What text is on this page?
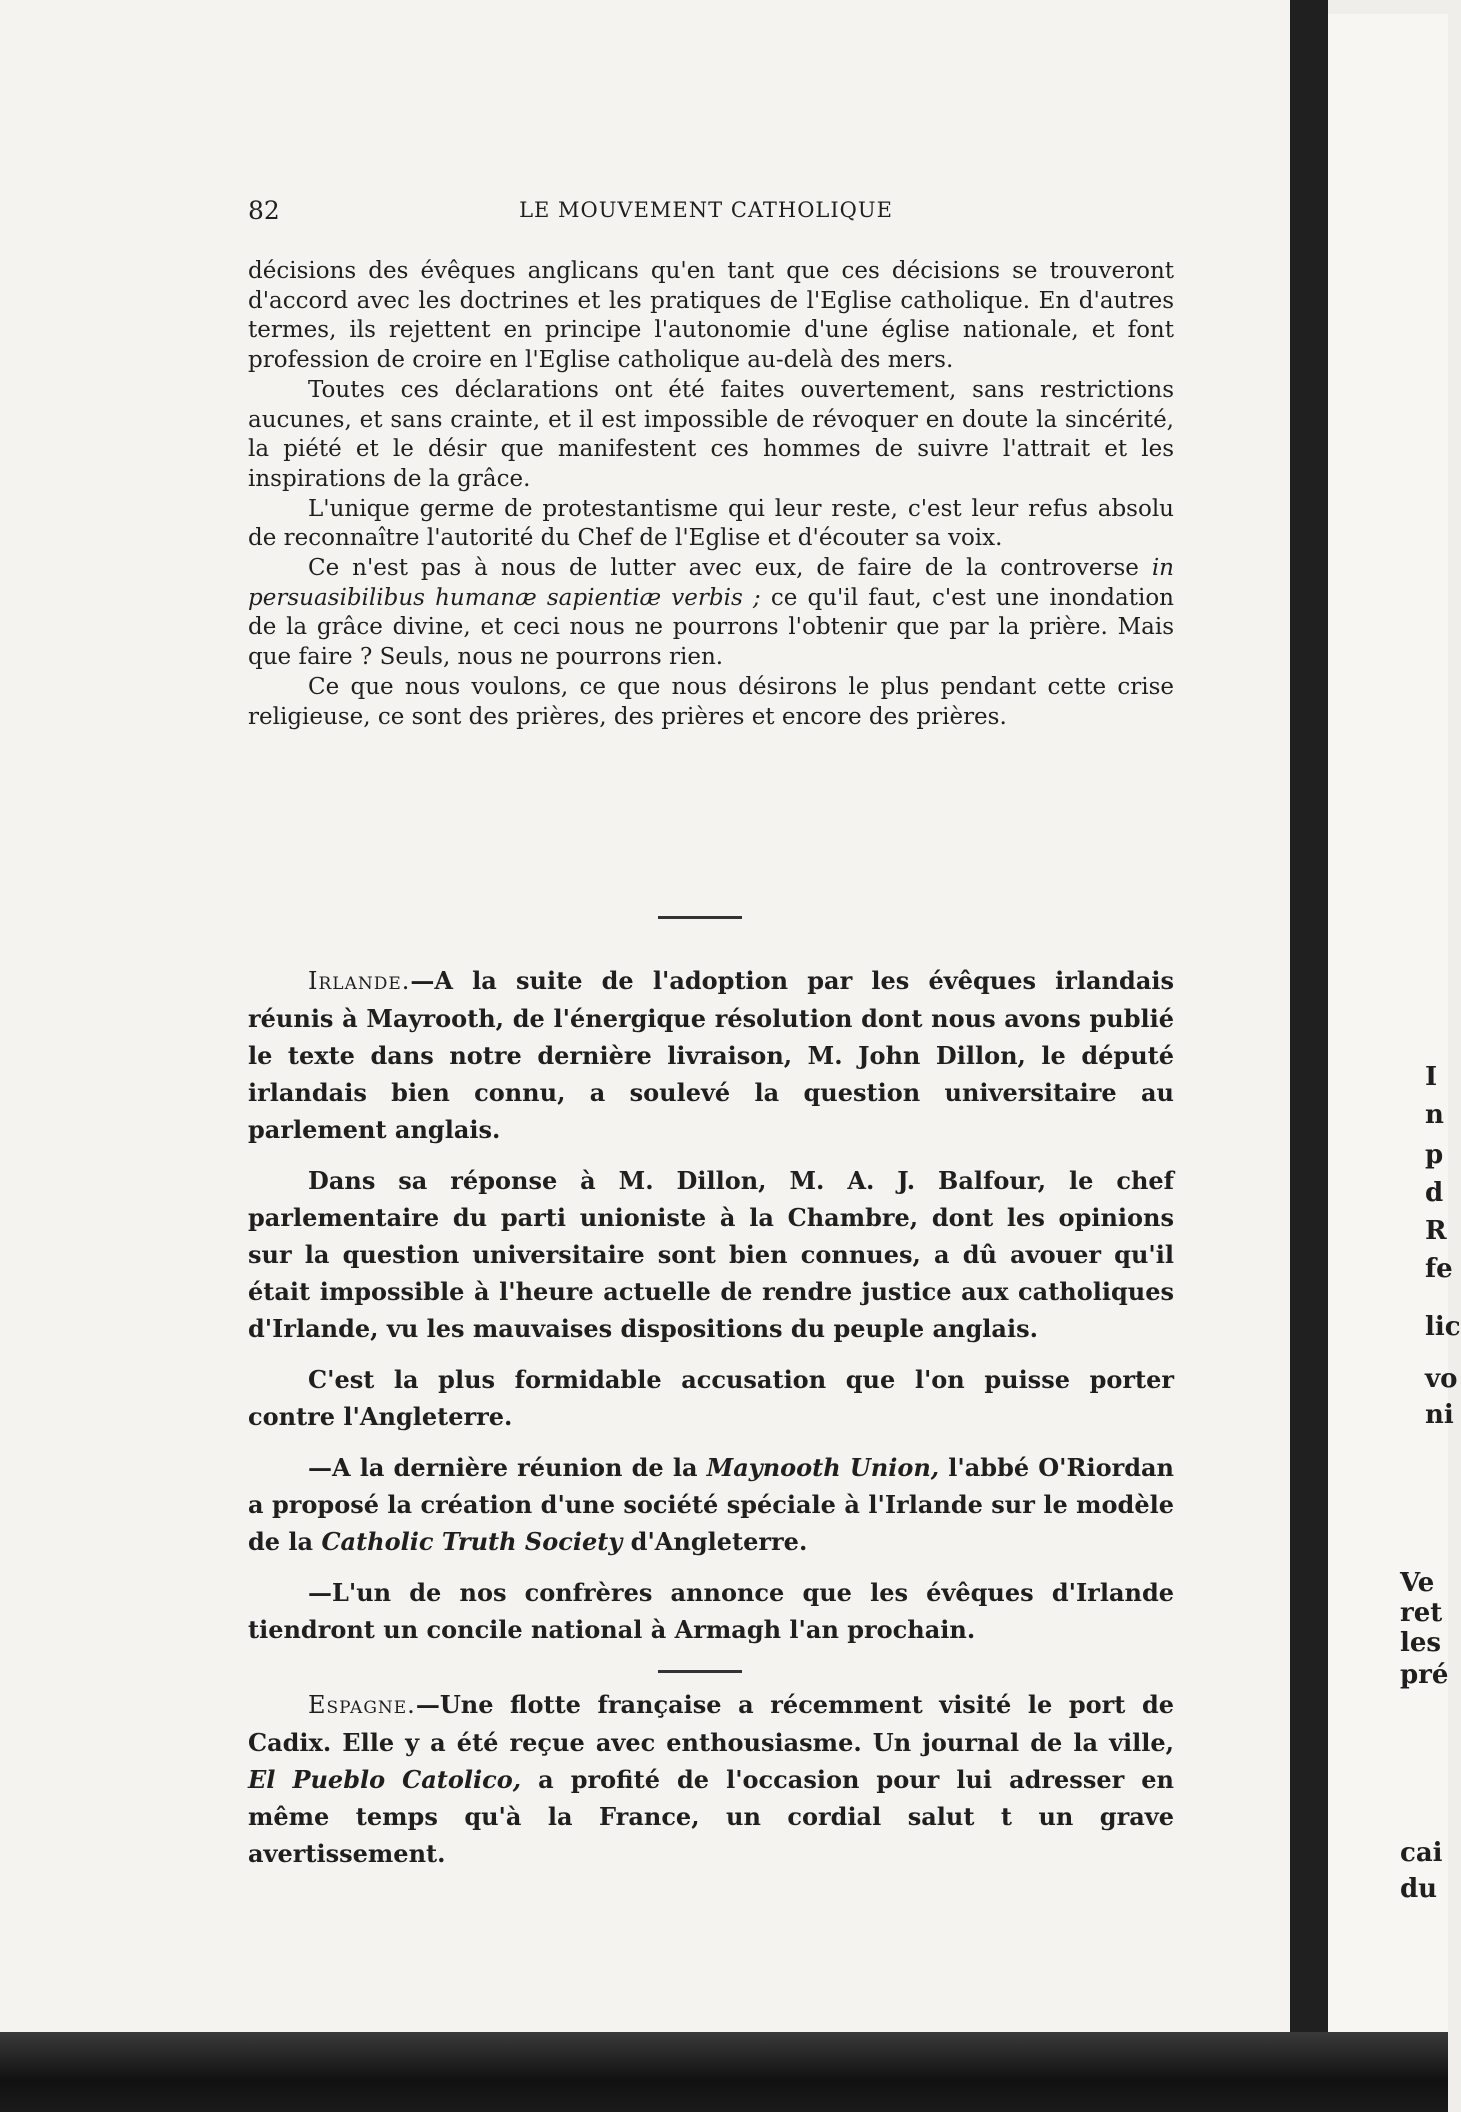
82	LE MOUVEMENT CATHOLIQUE

décisions des évêques anglicans qu'en tant que ces décisions se trouveront d'accord avec les doctrines et les pratiques de l'Eglise catholique. En d'autres termes, ils rejettent en principe l'autonomie d'une église nationale, et font profession de croire en l'Eglise catholique au-delà des mers.

Toutes ces déclarations ont été faites ouvertement, sans restrictions aucunes, et sans crainte, et il est impossible de révoquer en doute la sincérité, la piété et le désir que manifestent ces hommes de suivre l'attrait et les inspirations de la grâce.

L'unique germe de protestantisme qui leur reste, c'est leur refus absolu de reconnaître l'autorité du Chef de l'Eglise et d'écouter sa voix.

Ce n'est pas à nous de lutter avec eux, de faire de la controverse in persuasibilibus humanæ sapientiæ verbis ; ce qu'il faut, c'est une inondation de la grâce divine, et ceci nous ne pourrons l'obtenir que par la prière. Mais que faire ? Seuls, nous ne pourrons rien.

Ce que nous voulons, ce que nous désirons le plus pendant cette crise religieuse, ce sont des prières, des prières et encore des prières.

Irlande.—A la suite de l'adoption par les évêques irlandais réunis à Mayrooth, de l'énergique résolution dont nous avons publié le texte dans notre dernière livraison, M. John Dillon, le député irlandais bien connu, a soulevé la question universitaire au parlement anglais.

Dans sa réponse à M. Dillon, M. A. J. Balfour, le chef parlementaire du parti unioniste à la Chambre, dont les opinions sur la question universitaire sont bien connues, a dû avouer qu'il était impossible à l'heure actuelle de rendre justice aux catholiques d'Irlande, vu les mauvaises dispositions du peuple anglais.

C'est la plus formidable accusation que l'on puisse porter contre l'Angleterre.

—A la dernière réunion de la Maynooth Union, l'abbé O'Riordan a proposé la création d'une société spéciale à l'Irlande sur le modèle de la Catholic Truth Society d'Angleterre.

—L'un de nos confrères annonce que les évêques d'Irlande tiendront un concile national à Armagh l'an prochain.

Espagne.—Une flotte française a récemment visité le port de Cadix. Elle y a été reçue avec enthousiasme. Un journal de la ville, El Pueblo Catolico, a profité de l'occasion pour lui adresser en même temps qu'à la France, un cordial salut t un grave avertissement.

I
n
p
d
R
fe
lic
vo
ni
Ve
ret
les
pré
cai
du
